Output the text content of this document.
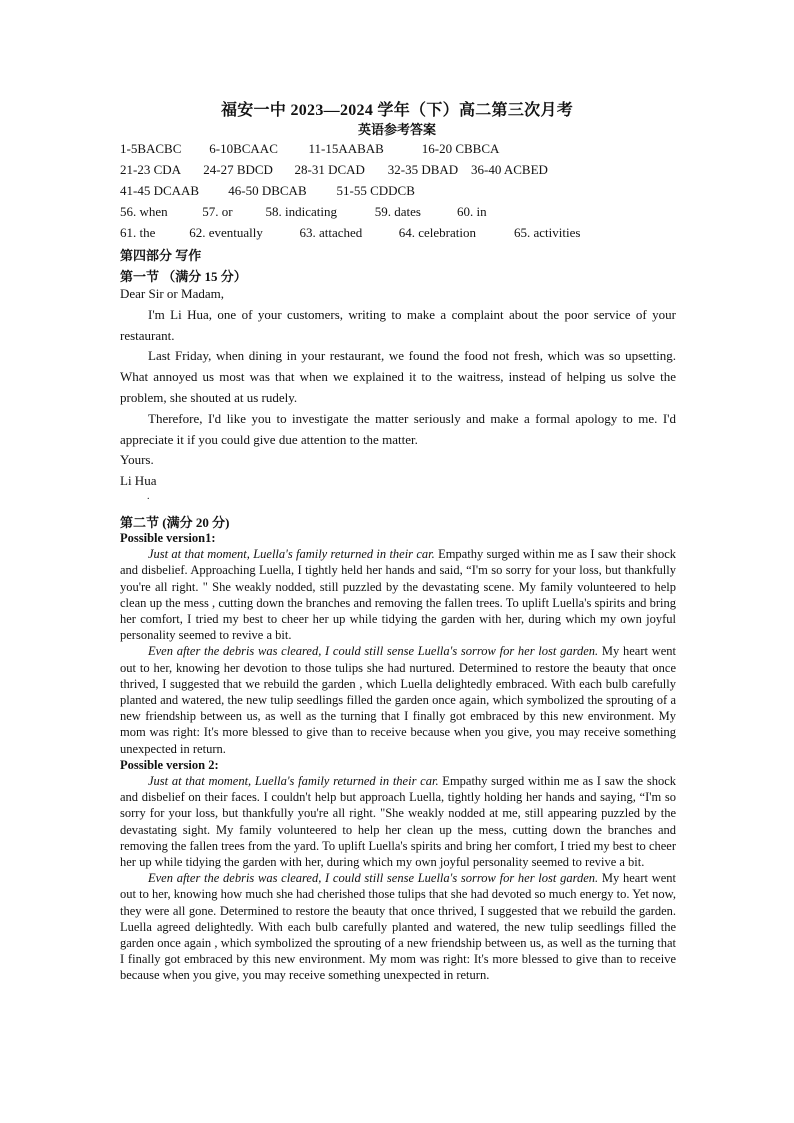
福安一中 2023—2024 学年（下）高二第三次月考
英语参考答案
1-5BACBC 6-10BCAAC 11-15AABAB	16-20 CBBCA
21-23 CDA 24-27 BDCD 28-31 DCAD 32-35 DBAD 36-40 ACBED
41-45 DCAAB 46-50 DBCAB 51-55 CDDCB
56. when	57. or	58. indicating	59. dates	60. in
61. the	62. eventually	63. attached	64. celebration	65. activities
第四部分 写作
第一节 （满分 15 分）

Dear Sir or Madam,

I'm Li Hua, one of your customers, writing to make a complaint about the poor service of your restaurant.

Last Friday, when dining in your restaurant, we found the food not fresh, which was so upsetting. What annoyed us most was that when we explained it to the waitress, instead of helping us solve the problem, she shouted at us rudely.

Therefore, I'd like you to investigate the matter seriously and make a formal apology to me. I'd appreciate it if you could give due attention to the matter.

Yours.

Li Hua

.
第二节 (满分 20 分)

Possible version1:

Just at that moment, Luella's family returned in their car. Empathy surged within me as I saw their shock and disbelief. Approaching Luella, I tightly held her hands and said, “I'm so sorry for your loss, but thankfully you're all right. " She weakly nodded, still puzzled by the devastating scene. My family volunteered to help clean up the mess , cutting down the branches and removing the fallen trees. To uplift Luella's spirits and bring her comfort, I tried my best to cheer her up while tidying the garden with her, during which my own joyful personality seemed to revive a bit.

Even after the debris was cleared, I could still sense Luella's sorrow for her lost garden. My heart went out to her, knowing her devotion to those tulips she had nurtured. Determined to restore the beauty that once thrived, I suggested that we rebuild the garden , which Luella delightedly embraced. With each bulb carefully planted and watered, the new tulip seedlings filled the garden once again, which symbolized the sprouting of a new friendship between us, as well as the turning that I finally got embraced by this new environment. My mom was right: It's more blessed to give than to receive because when you give, you may receive something unexpected in return.

Possible version 2:

Just at that moment, Luella's family returned in their car. Empathy surged within me as I saw the shock and disbelief on their faces. I couldn't help but approach Luella, tightly holding her hands and saying, “I'm so sorry for your loss, but thankfully you're all right. "She weakly nodded at me, still appearing puzzled by the devastating sight. My family volunteered to help her clean up the mess, cutting down the branches and removing the fallen trees from the yard. To uplift Luella's spirits and bring her comfort, I tried my best to cheer her up while tidying the garden with her, during which my own joyful personality seemed to revive a bit.

Even after the debris was cleared, I could still sense Luella's sorrow for her lost garden. My heart went out to her, knowing how much she had cherished those tulips that she had devoted so much energy to. Yet now, they were all gone. Determined to restore the beauty that once thrived, I suggested that we rebuild the garden. Luella agreed delightedly. With each bulb carefully planted and watered, the new tulip seedlings filled the garden once again , which symbolized the sprouting of a new friendship between us, as well as the turning that I finally got embraced by this new environment. My mom was right: It's more blessed to give than to receive because when you give, you may receive something unexpected in return.
